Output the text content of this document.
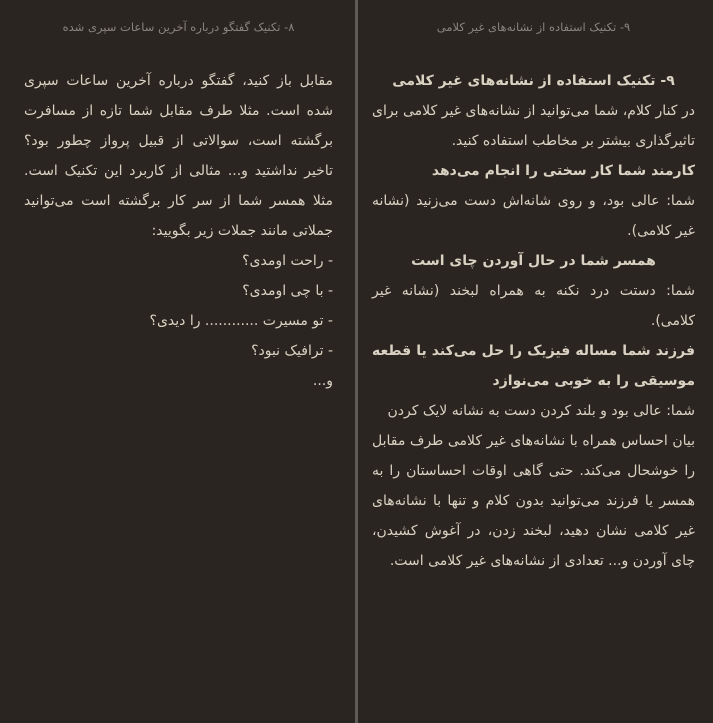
۹- تکنیک استفاده از نشانه‌های غیر کلامی

۹- تکنیک استفاده از نشانه‌های غیر کلامی

در کنار کلام، شما می‌توانید از نشانه‌های غیر کلامی برای تاثیرگذاری بیشتر بر مخاطب استفاده کنید.

کارمند شما کار سختی را انجام می‌دهد

شما: عالی بود، و روی شانه‌اش دست می‌زنید (نشانه غیر کلامی).

همسر شما در حال آوردن چای است

شما: دستت درد نکنه به همراه لبخند (نشانه غیر کلامی).

فرزند شما مساله فیزیک را حل می‌کند یا قطعه موسیقی را به خوبی می‌نوازد

شما: عالی بود و بلند کردن دست به نشانه لایک کردن

بیان احساس همراه با نشانه‌های غیر کلامی طرف مقابل را خوشحال می‌کند. حتی گاهی اوقات احساستان را به همسر یا فرزند می‌توانید بدون کلام و تنها با نشانه‌های غیر کلامی نشان دهید، لبخند زدن، در آغوش کشیدن، چای آوردن و... تعدادی از نشانه‌های غیر کلامی است.

۸- تکنیک گفتگو درباره آخرین ساعات سپری شده

مقابل باز کنید، گفتگو درباره آخرین ساعات سپری شده است. مثلا طرف مقابل شما تازه از مسافرت برگشته است، سوالاتی از قبیل پرواز چطور بود؟ تاخیر نداشتید و... مثالی از کاربرد این تکنیک است. مثلا همسر شما از سر کار برگشته است می‌توانید جملاتی مانند جملات زیر بگویید:

- راحت اومدی؟

- با چی اومدی؟

- تو مسیرت ............ را دیدی؟

- ترافیک نبود؟

و...
